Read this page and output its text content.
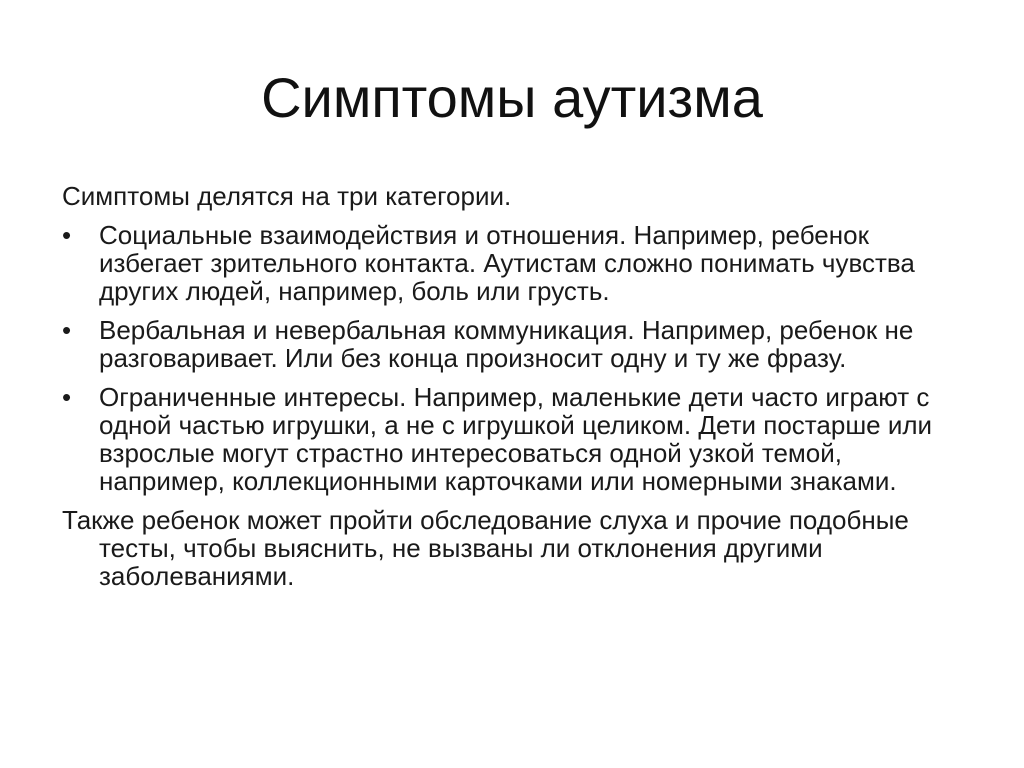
Симптомы аутизма

Симптомы делятся на три категории.

•	Социальные взаимодействия и отношения. Например, ребенок избегает зрительного контакта. Аутистам сложно понимать чувства других людей, например, боль или грусть.
•	Вербальная и невербальная коммуникация. Например, ребенок не разговаривает. Или без конца произносит одну и ту же фразу.
•	Ограниченные интересы. Например, маленькие дети часто играют с одной частью игрушки, а не с игрушкой целиком. Дети постарше или взрослые могут страстно интересоваться одной узкой темой, например, коллекционными карточками или номерными знаками.

Также ребенок может пройти обследование слуха и прочие подобные тесты, чтобы выяснить, не вызваны ли отклонения другими заболеваниями.
